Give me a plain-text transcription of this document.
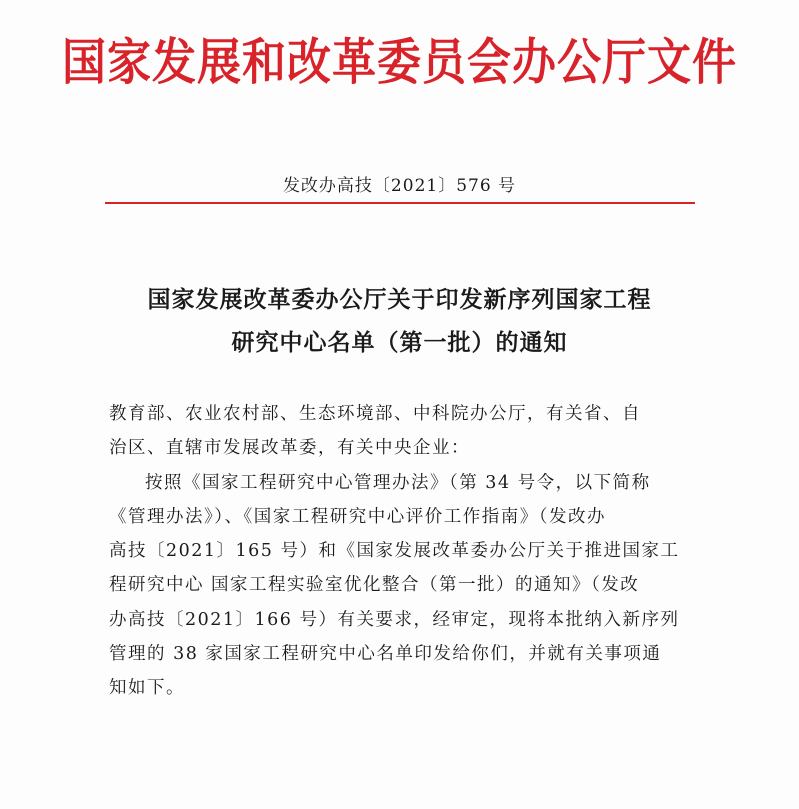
国家发展和改革委员会办公厅文件
发改办高技〔2021〕576 号
国家发展改革委办公厅关于印发新序列国家工程
研究中心名单（第一批）的通知
教育部、农业农村部、生态环境部、中科院办公厅，有关省、自
治区、直辖市发展改革委，有关中央企业：
按照《国家工程研究中心管理办法》（第 34 号令，以下简称
《管理办法》）、《国家工程研究中心评价工作指南》（发改办
高技〔2021〕165 号）和《国家发展改革委办公厅关于推进国家工
程研究中心 国家工程实验室优化整合（第一批）的通知》（发改
办高技〔2021〕166 号）有关要求，经审定，现将本批纳入新序列
管理的 38 家国家工程研究中心名单印发给你们，并就有关事项通
知如下。
